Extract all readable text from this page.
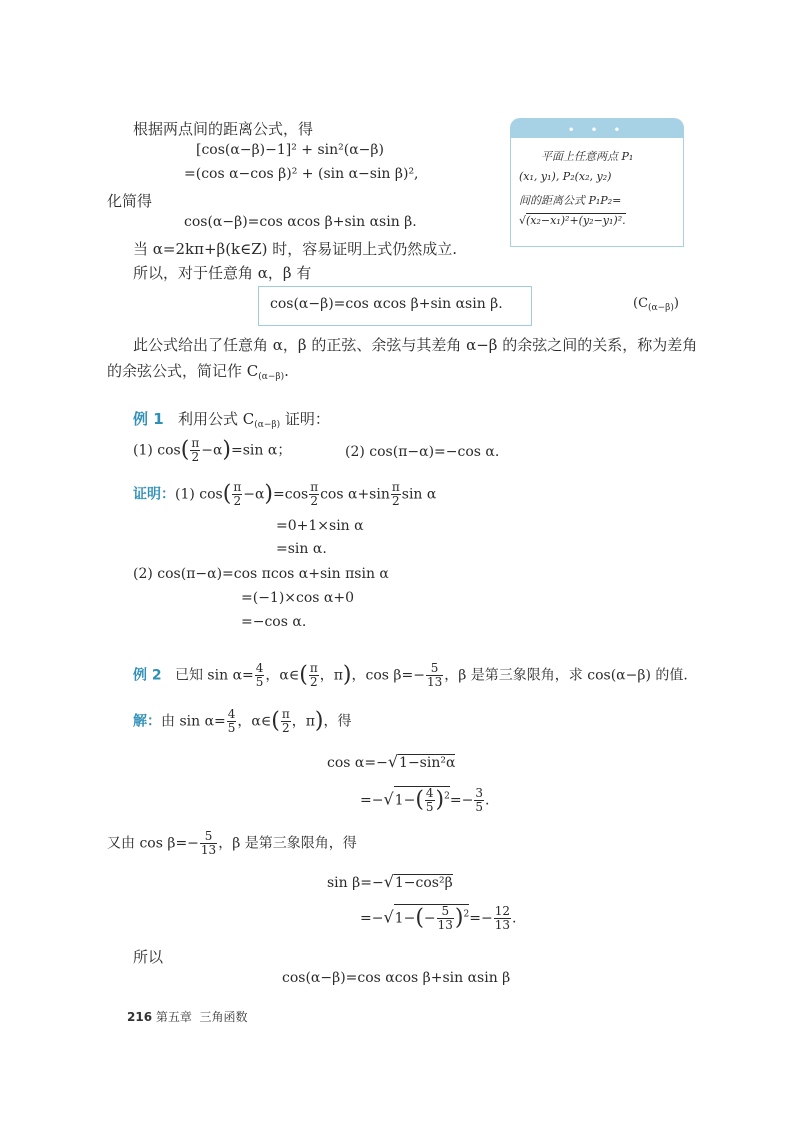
• • •
平面上任意两点 P₁
(x₁, y₁), P₂(x₂, y₂)
间的距离公式 P₁P₂=
√(x₂−x₁)²+(y₂−y₁)².
根据两点间的距离公式，得
[cos(α−β)−1]² + sin²(α−β)
=(cos α−cos β)² + (sin α−sin β)²,
化简得
cos(α−β)=cos αcos β+sin αsin β.
当 α=2kπ+β(k∈Z) 时，容易证明上式仍然成立.
所以，对于任意角 α，β 有
cos(α−β)=cos αcos β+sin αsin β.	$(C_{(\alpha-\beta)})$
此公式给出了任意角 α，β 的正弦、余弦与其差角 α−β 的余弦之间的关系，称为差角
的余弦公式，简记作 $C_{(\alpha-\beta)}$.
例 1 利用公式 $C_{(\alpha-\beta)}$ 证明：
(1) $\cos( \frac{\pi}{2} -\alpha)=\sin$ α；	(2) cos(π−α)=−cos α.
证明：(1) $\cos( \frac{\pi}{2} -\alpha)=\cos \frac{\pi}{2}$ $\cos \alpha+\sin \frac{\pi}{2}$ sin α
=0+1×sin α
=sin α.
(2) cos(π−α)=cos πcos α+sin πsin α
=(−1)×cos α+0
=−cos α.
例 2 已知 $\sin \alpha= \frac{4}{5}$ ，α∈( $\frac{\pi}{2}$ ，π)，$\cos \beta=- \frac{5}{13}$ ，β 是第三象限角，求 cos(α−β) 的值.
解：由 $\sin \alpha= \frac{4}{5}$ ，α∈( $\frac{\pi}{2}$ ，π)，得
cos α=−√1−sin²α
$=-√1-( \frac{4}{5} )^2=- \frac{3}{5}$ .
又由 $\cos \beta=- \frac{5}{13}$ ，β 是第三象限角，得
sin β=−√1−cos²β
$=-√1-(- \frac{5}{13} )^2=- \frac{12}{13}$ .
所以
cos(α−β)=cos αcos β+sin αsin β
216 第五章 三角函数
